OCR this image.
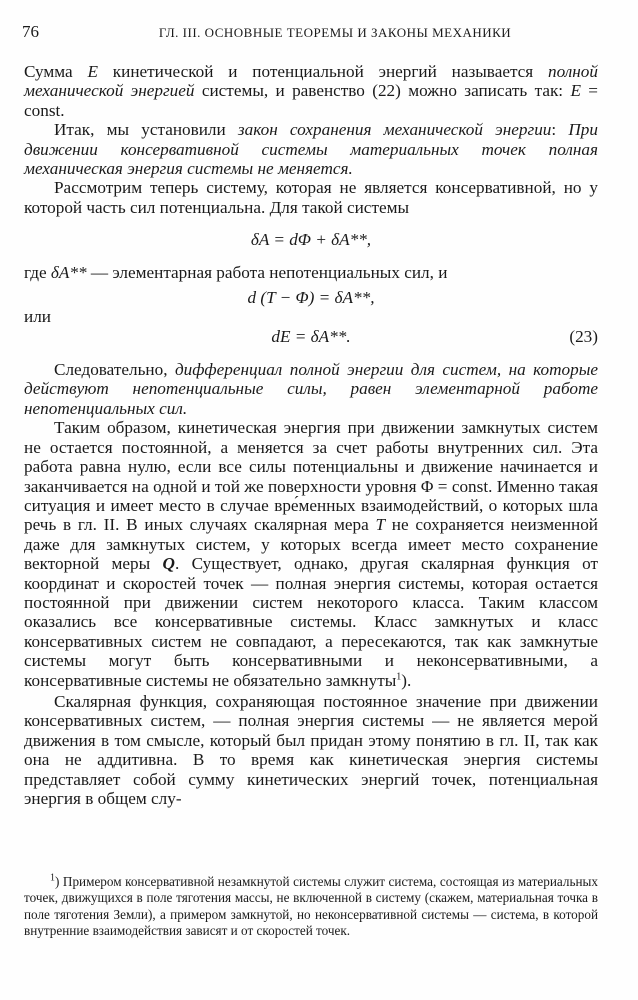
76	ГЛ. III. ОСНОВНЫЕ ТЕОРЕМЫ И ЗАКОНЫ МЕХАНИКИ

Сумма E кинетической и потенциальной энергий называется полной механической энергией системы, и равенство (22) можно записать так: E = const.

Итак, мы установили закон сохранения механической энергии: При движении консервативной системы материальных точек полная механическая энергия системы не меняется.

Рассмотрим теперь систему, которая не является консервативной, но у которой часть сил потенциальна. Для такой системы

δA = dΦ + δA**,

где δA** — элементарная работа непотенциальных сил, и

d (T − Φ) = δA**,

или

dE = δA**.	(23)

Следовательно, дифференциал полной энергии для систем, на которые действуют непотенциальные силы, равен элементарной работе непотенциальных сил.

Таким образом, кинетическая энергия при движении замкнутых систем не остается постоянной, а меняется за счет работы внутренних сил. Эта работа равна нулю, если все силы потенциальны и движение начинается и заканчивается на одной и той же поверхности уровня Φ = const. Именно такая ситуация и имеет место в случае вре́менных взаимодействий, о которых шла речь в гл. II. В иных случаях скалярная мера T не сохраняется неизменной даже для замкнутых систем, у которых всегда имеет место сохранение векторной меры Q. Существует, однако, другая скалярная функция от координат и скоростей точек — полная энергия системы, которая остается постоянной при движении систем некоторого класса. Таким классом оказались все консервативные системы. Класс замкнутых и класс консервативных систем не совпадают, а пересекаются, так как замкнутые системы могут быть консервативными и неконсервативными, а консервативные системы не обязательно замкнуты$^1$).

Скалярная функция, сохраняющая постоянное значение при движении консервативных систем, — полная энергия системы — не является мерой движения в том смысле, который был придан этому понятию в гл. II, так как она не аддитивна. В то время как кинетическая энергия системы представляет собой сумму кинетических энергий точек, потенциальная энергия в общем слу-

$^1$) Примером консервативной незамкнутой системы служит система, состоящая из материальных точек, движущихся в поле тяготения массы, не включенной в систему (скажем, материальная точка в поле тяготения Земли), а примером замкнутой, но неконсервативной системы — система, в которой внутренние взаимодействия зависят и от скоростей точек.
